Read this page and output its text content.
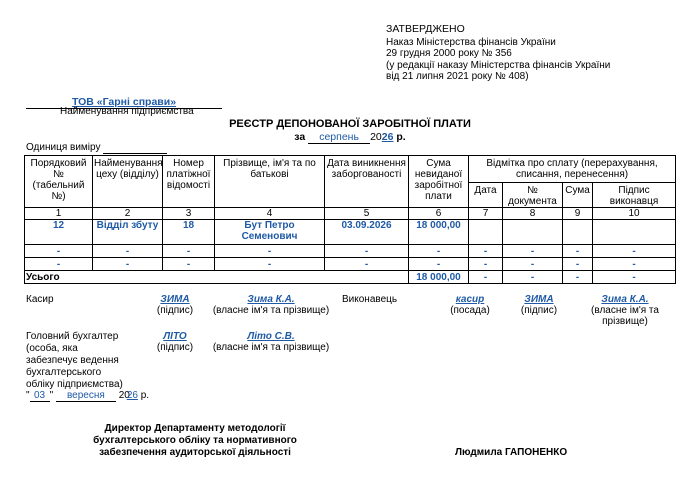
ЗАТВЕРДЖЕНО
Наказ Міністерства фінансів України
29 грудня 2000 року № 356
(у редакції наказу Міністерства фінансів України
від 21 липня 2021 року № 408)
ТОВ «Гарні справи»
Найменування підприємства
РЕЄСТР ДЕПОНОВАНОЇ ЗАРОБІТНОЇ ПЛАТИ
за серпень 2026 р.
Одиниця виміру
Порядковий № (табельний №)	Найменування цеху (відділу)	Номер платіжної відомості	Прізвище, ім'я та по батькові	Дата виникнення заборгованості	Сума невиданої заробітної плати	Відмітка про сплату (перерахування, списання, перенесення)			
						Дата	№ документа	Сума	Підпис виконавця
1	2	3	4	5	6	7	8	9	10
12	Відділ збуту	18	Бут Петро Семенович	03.09.2026	18 000,00				
-	-	-	-	-	-	-	-	-	-
-	-	-	-	-	-	-	-	-	-
Усього					18 000,00	-	-	-	-
Касир	ЗИМА
(підпис)
Зима К.А.
(власне ім'я та прізвище)
Виконавець	касир
(посада)
ЗИМА
(підпис)
Зима К.А.
(власне ім'я та прізвище)
Головний бухгалтер
(особа, яка
забезпечує ведення
бухгалтерського
обліку підприємства)
ЛІТО
(підпис)
Літо С.В.
(власне ім'я та прізвище)
" 03 " вересня 2026 р.
Директор Департаменту методології
бухгалтерського обліку та нормативного
забезпечення аудиторської діяльності	Людмила ГАПОНЕНКО
